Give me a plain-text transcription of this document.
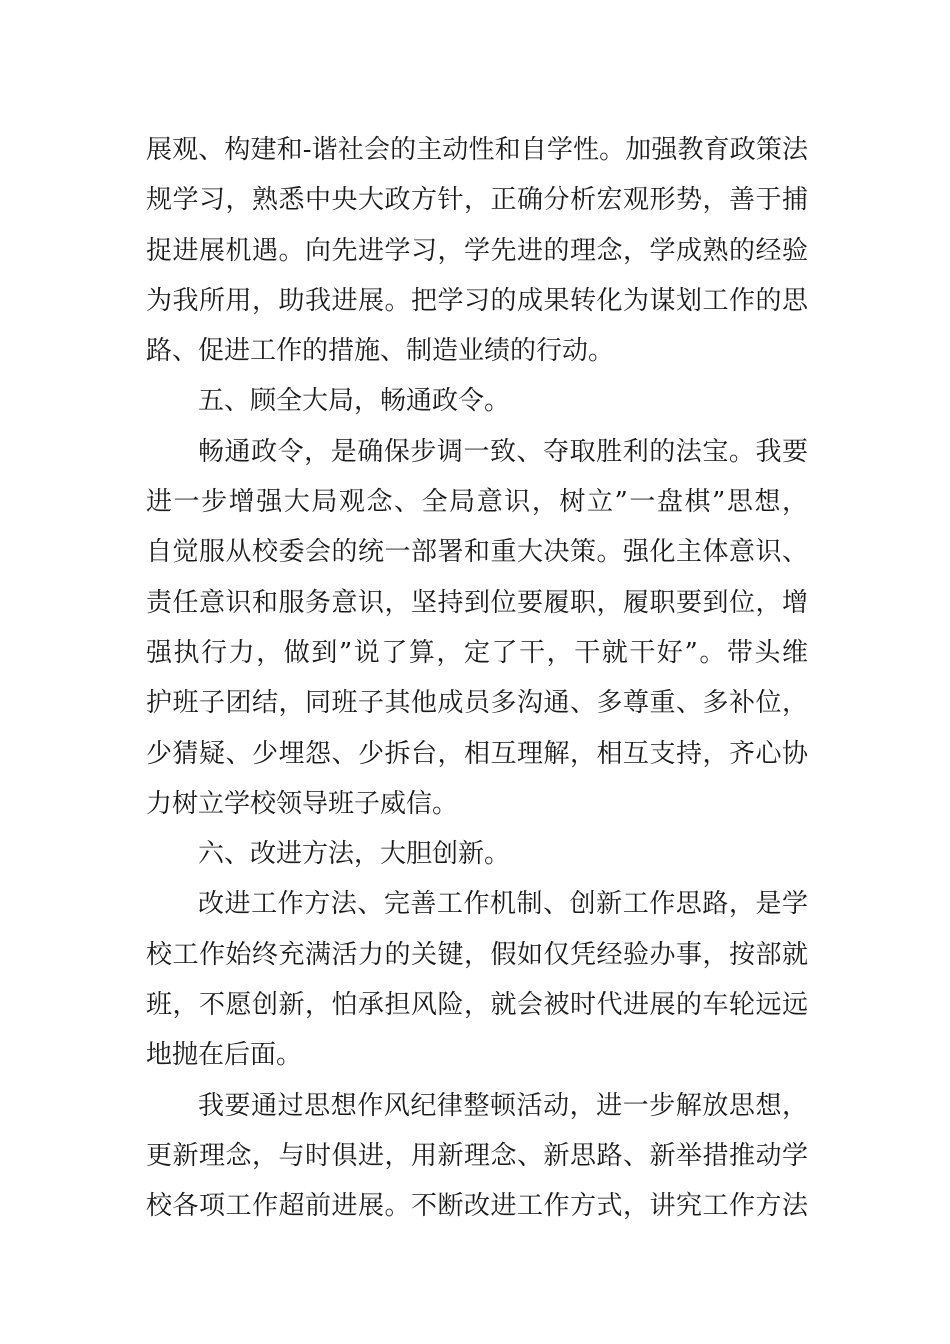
展观、构建和-谐社会的主动性和自学性。加强教育政策法
规学习，熟悉中央大政方针，正确分析宏观形势，善于捕
捉进展机遇。向先进学习，学先进的理念，学成熟的经验
为我所用，助我进展。把学习的成果转化为谋划工作的思
路、促进工作的措施、制造业绩的行动。
五、顾全大局，畅通政令。
畅通政令，是确保步调一致、夺取胜利的法宝。我要
进一步增强大局观念、全局意识，树立”一盘棋”思想，
自觉服从校委会的统一部署和重大决策。强化主体意识、
责任意识和服务意识，坚持到位要履职，履职要到位，增
强执行力，做到”说了算，定了干，干就干好”。带头维
护班子团结，同班子其他成员多沟通、多尊重、多补位，
少猜疑、少埋怨、少拆台，相互理解，相互支持，齐心协
力树立学校领导班子威信。
六、改进方法，大胆创新。
改进工作方法、完善工作机制、创新工作思路，是学
校工作始终充满活力的关键，假如仅凭经验办事，按部就
班，不愿创新，怕承担风险，就会被时代进展的车轮远远
地抛在后面。
我要通过思想作风纪律整顿活动，进一步解放思想，
更新理念，与时俱进，用新理念、新思路、新举措推动学
校各项工作超前进展。不断改进工作方式，讲究工作方法
